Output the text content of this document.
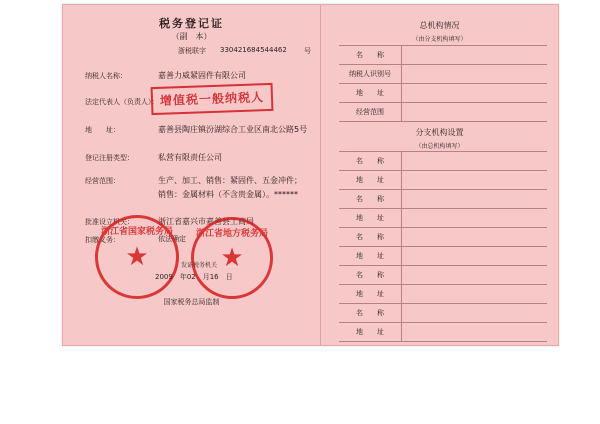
税务登记证
（副　本）
浙税联字 330421684544462 号
纳税人名称：	嘉善力威紧固件有限公司
法定代表人（负责人）： 增值税一般纳税人
地　　址：	嘉善县陶庄镇汾湖综合工业区南北公路5号
登记注册类型：	私营有限责任公司
经营范围：	生产、加工、销售：紧固件、五金冲件；
销售：金属材料（不含贵金属）。******
批准设立机关：	浙江省嘉兴市嘉善县工商局
扣缴义务：	依法确定
★
浙江省国家税务局
★
浙江省地方税务局
发证税务机关
2009　年02　月16　日
国家税务总局监制
总机构情况
（由分支机构填写）
名　　称
纳税人识别号
地　　址
经营范围
分支机构设置
（由总机构填写）
名　　称
地　　址
名　　称
地　　址
名　　称
地　　址
名　　称
地　　址
名　　称
地　　址
